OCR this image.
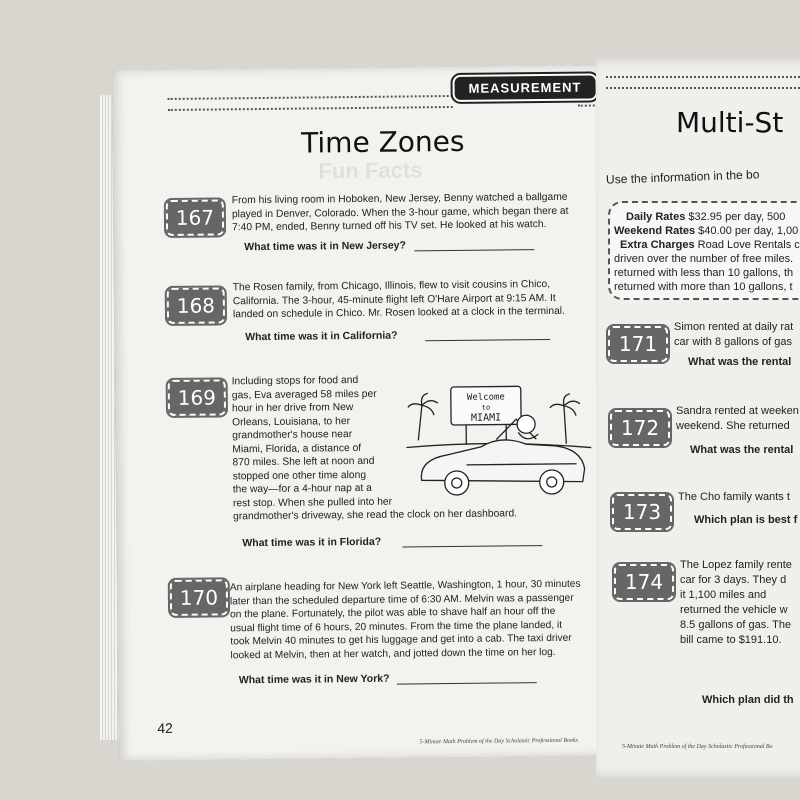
MEASUREMENT
Fun Facts
Time Zones
167
From his living room in Hoboken, New Jersey, Benny watched a ballgame
played in Denver, Colorado. When the 3-hour game, which began there at
7:40 PM, ended, Benny turned off his TV set. He looked at his watch.
What time was it in New Jersey?
168
The Rosen family, from Chicago, Illinois, flew to visit cousins in Chico,
California. The 3-hour, 45-minute flight left O'Hare Airport at 9:15 AM. It
landed on schedule in Chico. Mr. Rosen looked at a clock in the terminal.
What time was it in California?
169
Including stops for food and
gas, Eva averaged 58 miles per
hour in her drive from New
Orleans, Louisiana, to her
grandmother's house near
Miami, Florida, a distance of
870 miles. She left at noon and
stopped one other time along
the way—for a 4-hour nap at a
rest stop. When she pulled into her
grandmother's driveway, she read the clock on her dashboard.
What time was it in Florida?
Welcome
to
MIAMI
170	An airplane heading for New York left Seattle, Washington, 1 hour, 30 minutes
later than the scheduled departure time of 6:30 AM. Melvin was a passenger
on the plane. Fortunately, the pilot was able to shave half an hour off the
usual flight time of 6 hours, 20 minutes. From the time the plane landed, it
took Melvin 40 minutes to get his luggage and get into a cab. The taxi driver
looked at Melvin, then at her watch, and jotted down the time on her log.
What time was it in New York?
42
5-Minute Math Problem of the Day Scholastic Professional Books
Multi-St
Use the information in the bo
Daily Rates $32.95 per day, 500
Weekend Rates $40.00 per day, 1,00
Extra Charges Road Love Rentals c
driven over the number of free miles.
returned with less than 10 gallons, th
returned with more than 10 gallons, t
171
Simon rented at daily rat
car with 8 gallons of gas
What was the rental
172
Sandra rented at weeken
weekend. She returned
What was the rental
173
The Cho family wants t
Which plan is best f
174
The Lopez family rente
car for 3 days. They d
it 1,100 miles and
returned the vehicle w
8.5 gallons of gas. The
bill came to $191.10.
Which plan did th
5-Minute Math Problem of the Day Scholastic Professional Bo
